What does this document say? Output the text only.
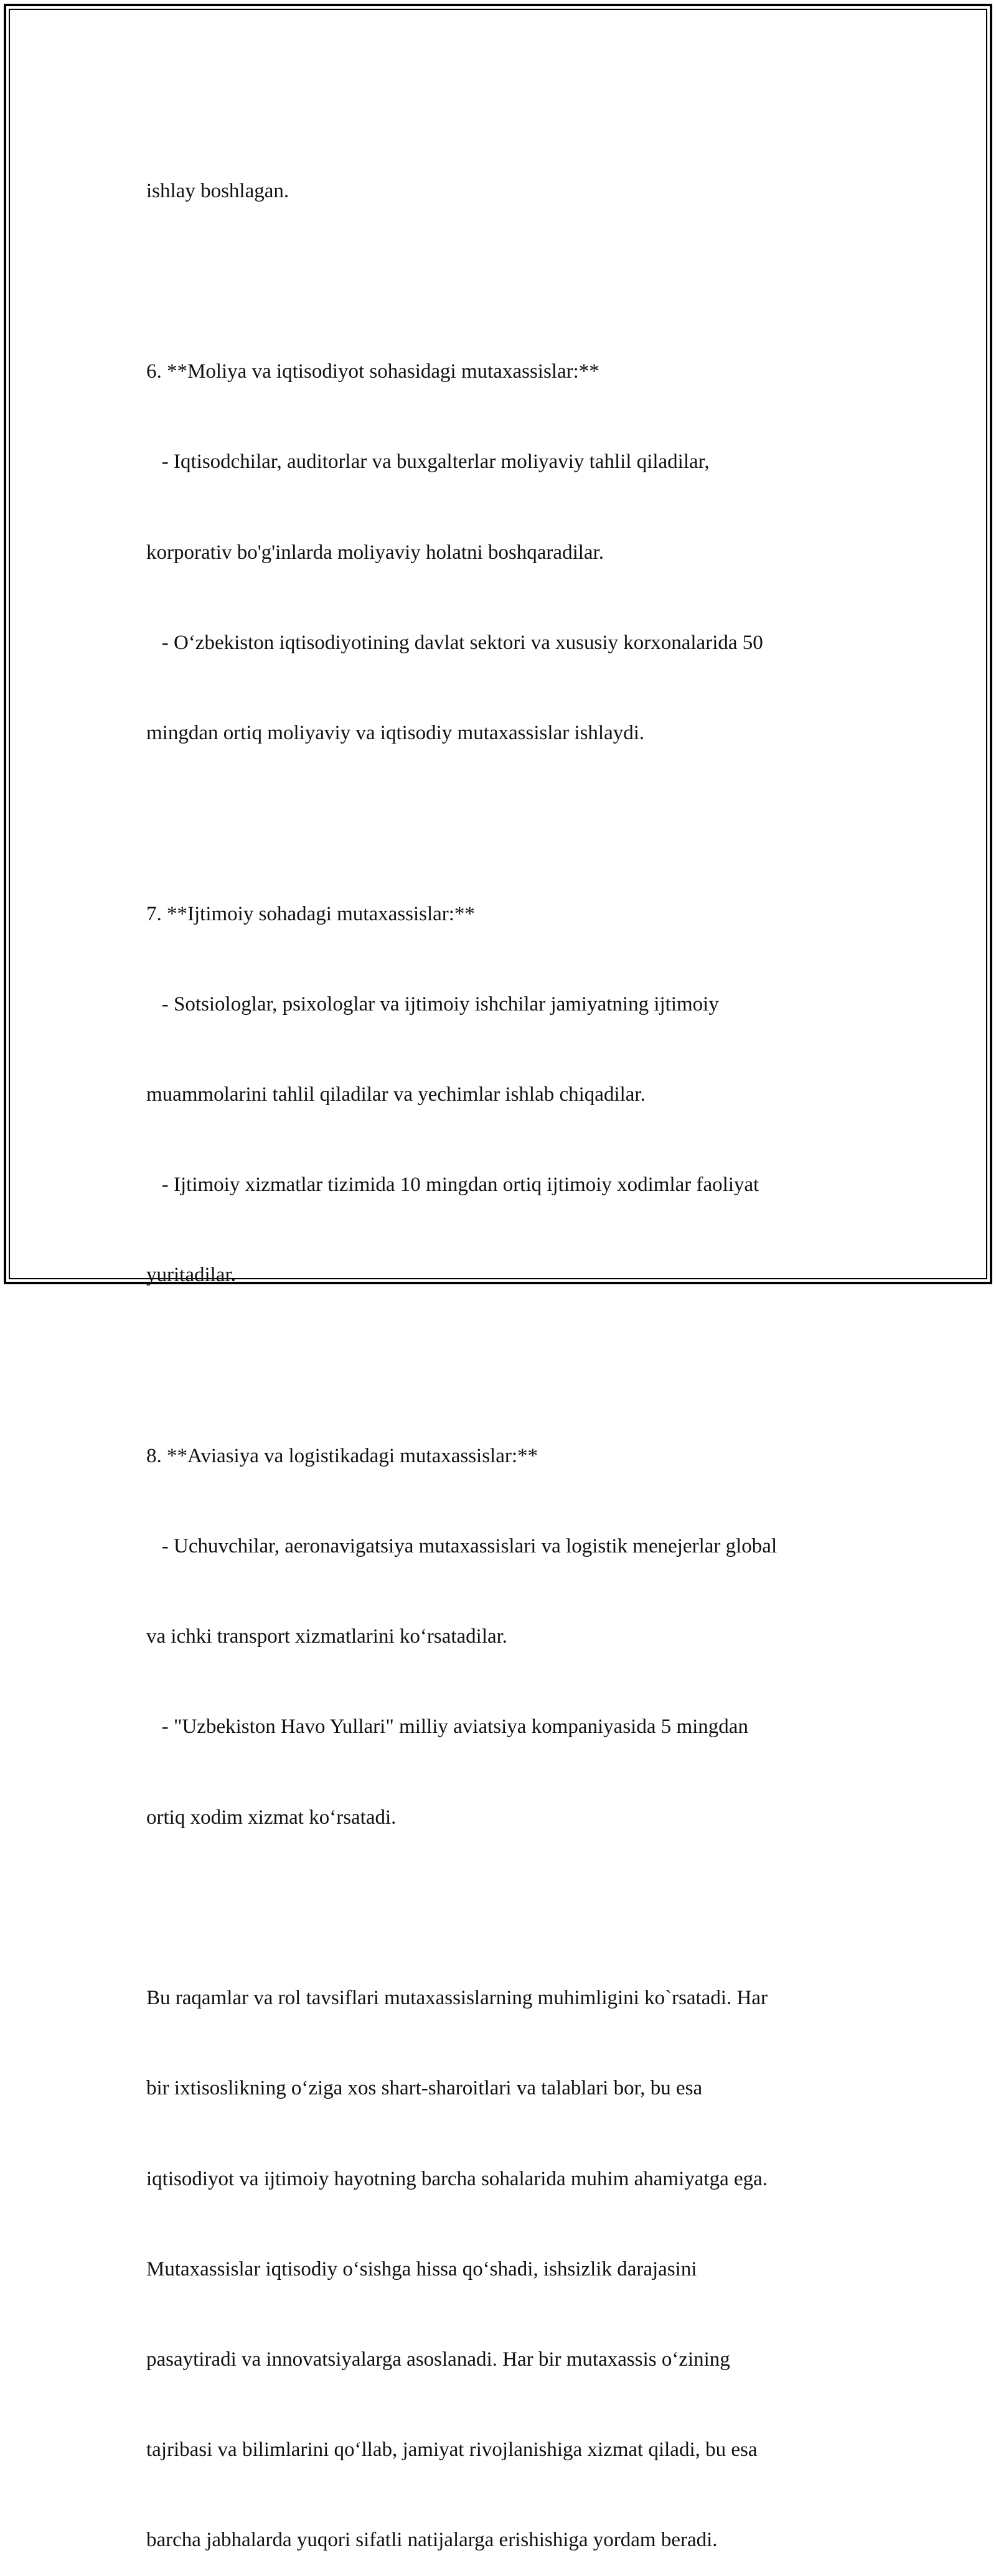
ishlay boshlagan.

6. **Moliya va iqtisodiyot sohasidagi mutaxassislar:**

- Iqtisodchilar, auditorlar va buxgalterlar moliyaviy tahlil qiladilar,

korporativ bo'g'inlarda moliyaviy holatni boshqaradilar.

- O‘zbekiston iqtisodiyotining davlat sektori va xususiy korxonalarida 50

mingdan ortiq moliyaviy va iqtisodiy mutaxassislar ishlaydi.

7. **Ijtimoiy sohadagi mutaxassislar:**

- Sotsiologlar, psixologlar va ijtimoiy ishchilar jamiyatning ijtimoiy

muammolarini tahlil qiladilar va yechimlar ishlab chiqadilar.

- Ijtimoiy xizmatlar tizimida 10 mingdan ortiq ijtimoiy xodimlar faoliyat

yuritadilar.

8. **Aviasiya va logistikadagi mutaxassislar:**

- Uchuvchilar, aeronavigatsiya mutaxassislari va logistik menejerlar global

va ichki transport xizmatlarini ko‘rsatadilar.

- "Uzbekiston Havo Yullari" milliy aviatsiya kompaniyasida 5 mingdan

ortiq xodim xizmat ko‘rsatadi.

Bu raqamlar va rol tavsiflari mutaxassislarning muhimligini ko`rsatadi. Har

bir ixtisoslikning o‘ziga xos shart-sharoitlari va talablari bor, bu esa

iqtisodiyot va ijtimoiy hayotning barcha sohalarida muhim ahamiyatga ega.

Mutaxassislar iqtisodiy o‘sishga hissa qo‘shadi, ishsizlik darajasini

pasaytiradi va innovatsiyalarga asoslanadi. Har bir mutaxassis o‘zining

tajribasi va bilimlarini qo‘llab, jamiyat rivojlanishiga xizmat qiladi, bu esa

barcha jabhalarda yuqori sifatli natijalarga erishishiga yordam beradi.
